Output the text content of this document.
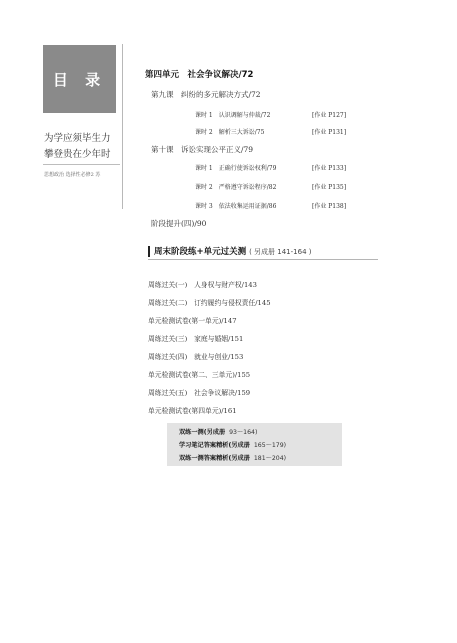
目 录
为学应须毕生力
攀登贵在少年时
思想政治 选择性必修2 苏
第四单元　社会争议解决/72
第九课 纠纷的多元解决方式/72
课时 1　认识调解与仲裁/72	[作业 P127]
课时 2　解析三大诉讼/75	[作业 P131]
第十课 诉讼实现公平正义/79
课时 1　正确行使诉讼权利/79	[作业 P133]
课时 2　严格遵守诉讼程序/82	[作业 P135]
课时 3　依法收集运用证据/86	[作业 P138]
阶段提升(四)/90
周末阶段练+单元过关测 ( 另成册 141-164 )
周练过关(一)　人身权与财产权/143
周练过关(二)　订约履约与侵权责任/145
单元检测试卷(第一单元)/147
周练过关(三)　家庭与婚姻/151
周练过关(四)　就业与创业/153
单元检测试卷(第二、三单元)/155
周练过关(五)　社会争议解决/159
单元检测试卷(第四单元)/161
双练一测(另成册 93～164)
学习笔记答案精析(另成册 165～179)
双练一测答案精析(另成册 181～204)
